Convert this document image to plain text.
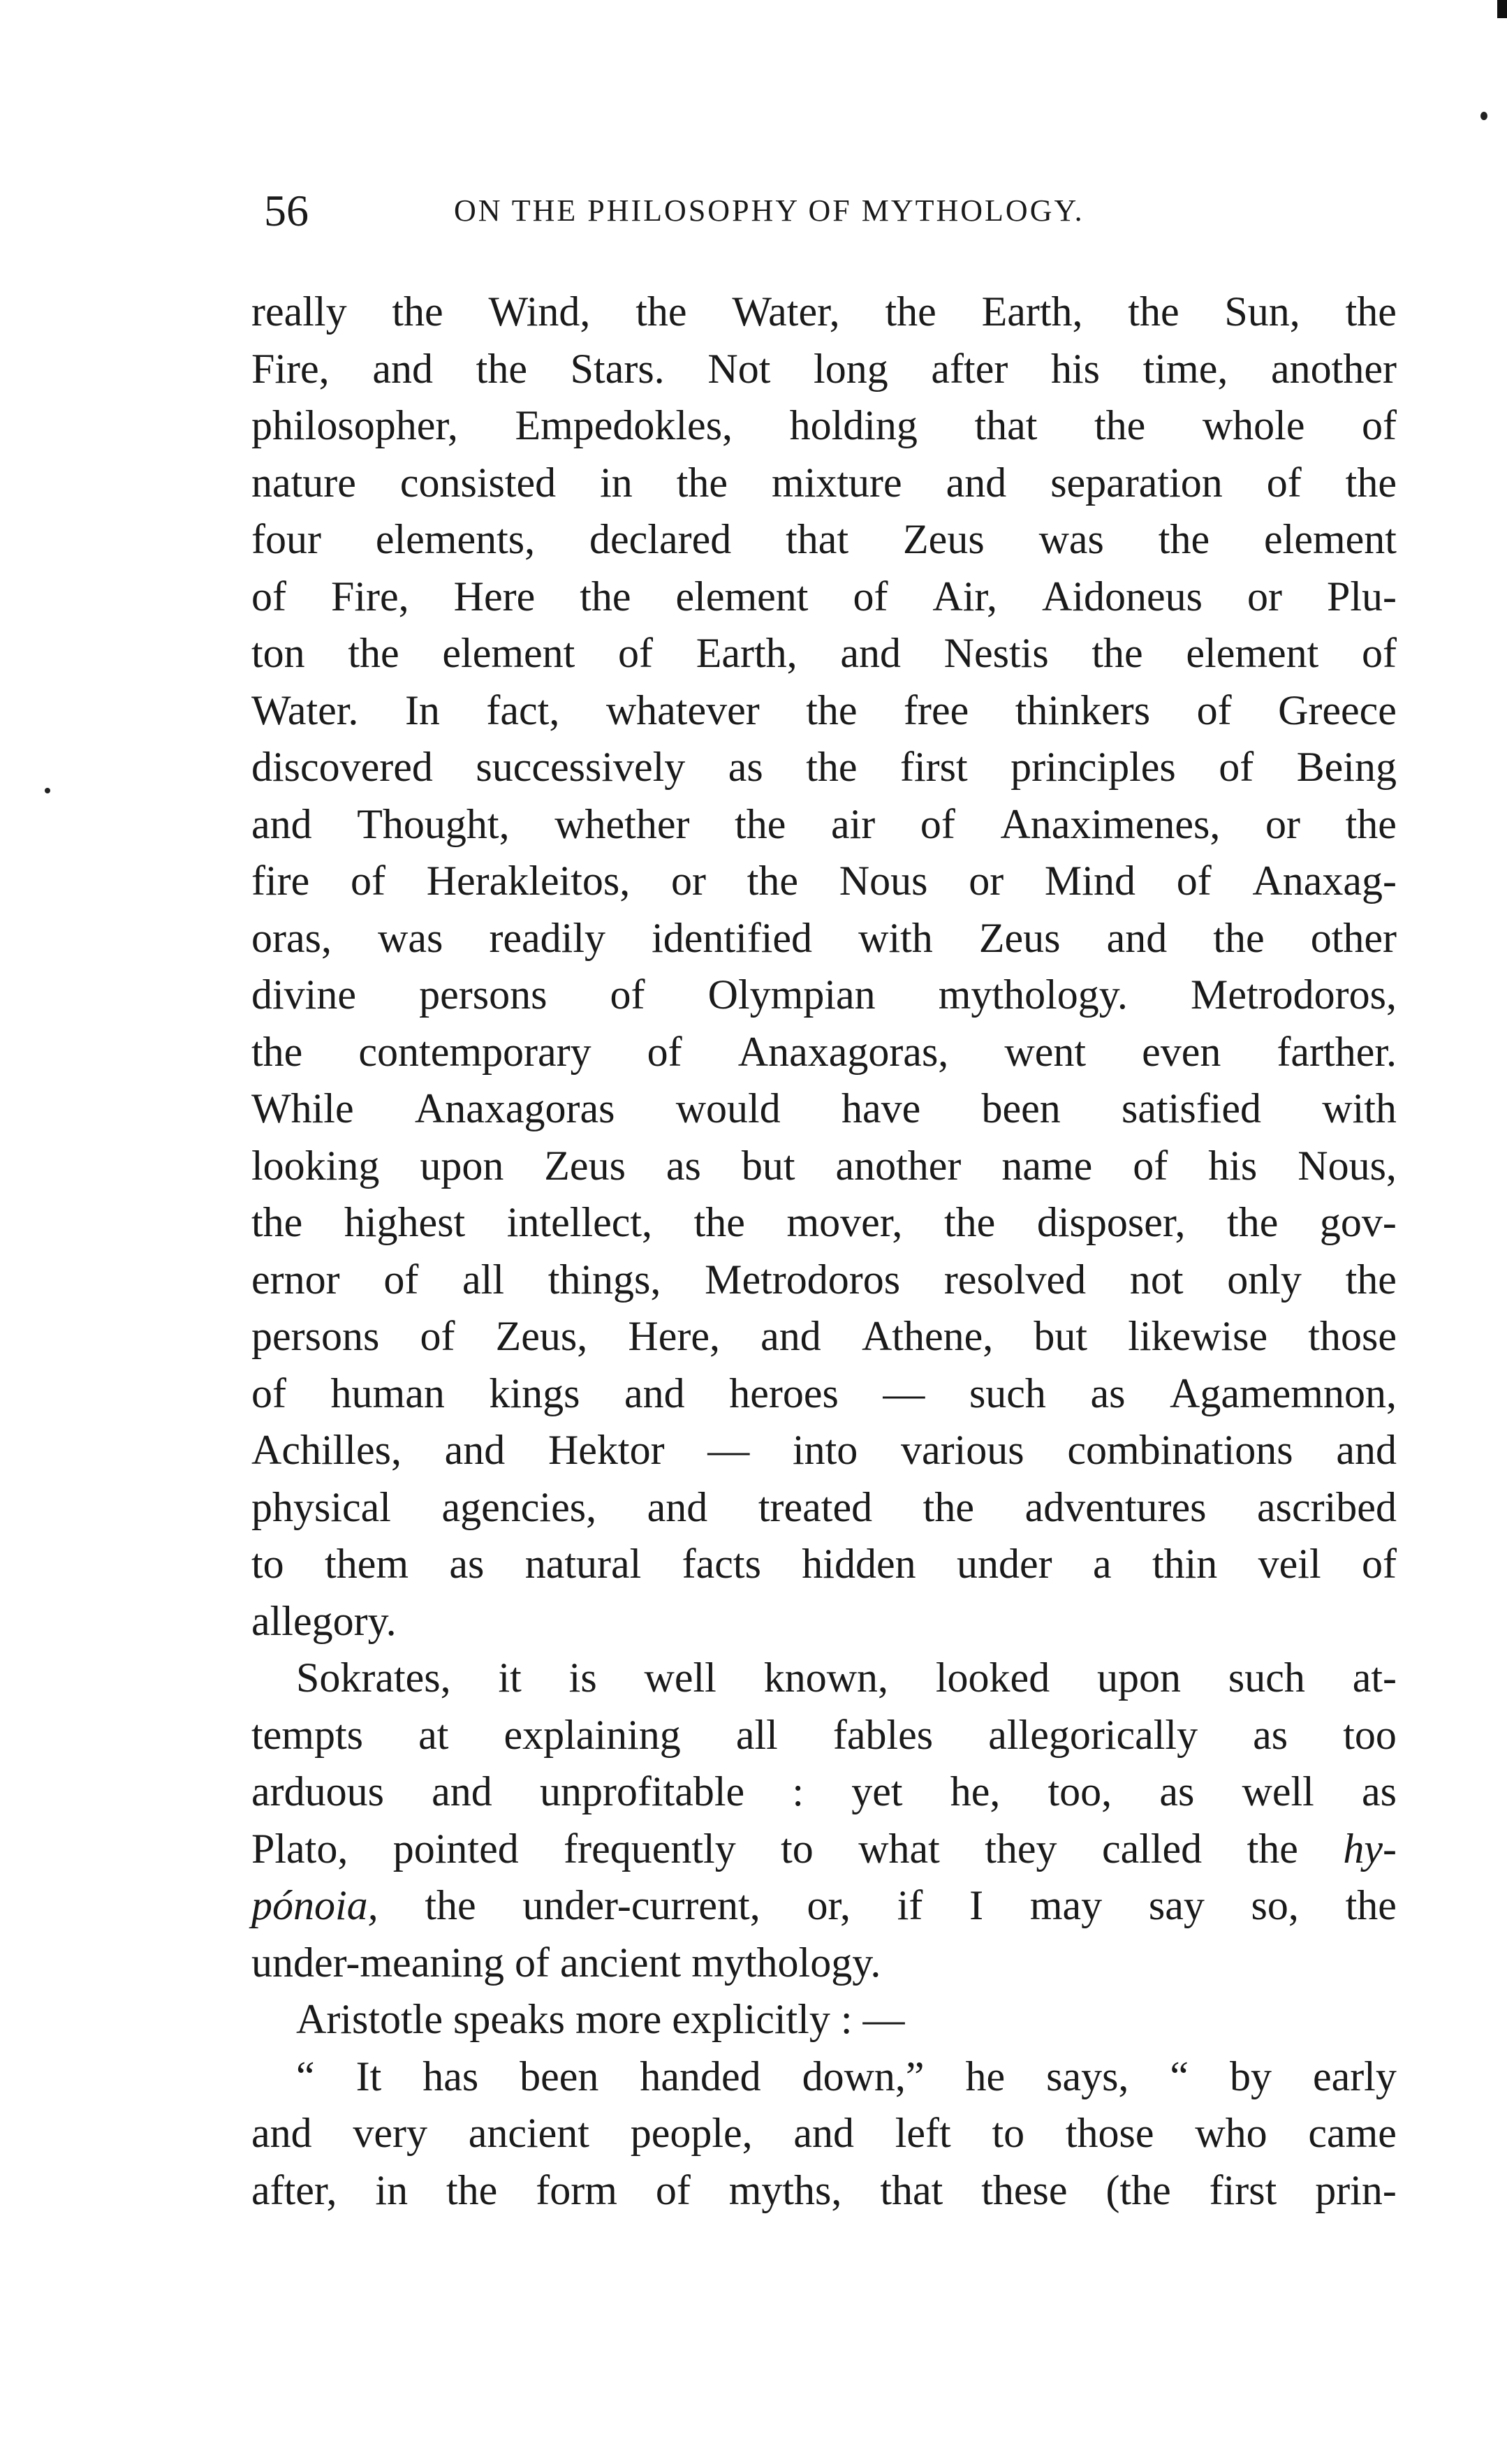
56	ON THE PHILOSOPHY OF MYTHOLOGY.
really the Wind, the Water, the Earth, the Sun, the
Fire, and the Stars. Not long after his time, another
philosopher, Empedokles, holding that the whole of
nature consisted in the mixture and separation of the
four elements, declared that Zeus was the element
of Fire, Here the element of Air, Aidoneus or Plu-
ton the element of Earth, and Nestis the element of
Water. In fact, whatever the free thinkers of Greece
discovered successively as the first principles of Being
and Thought, whether the air of Anaximenes, or the
fire of Herakleitos, or the Nous or Mind of Anaxag-
oras, was readily identified with Zeus and the other
divine persons of Olympian mythology. Metrodoros,
the contemporary of Anaxagoras, went even farther.
While Anaxagoras would have been satisfied with
looking upon Zeus as but another name of his Nous,
the highest intellect, the mover, the disposer, the gov-
ernor of all things, Metrodoros resolved not only the
persons of Zeus, Here, and Athene, but likewise those
of human kings and heroes — such as Agamemnon,
Achilles, and Hektor — into various combinations and
physical agencies, and treated the adventures ascribed
to them as natural facts hidden under a thin veil of
allegory.
Sokrates, it is well known, looked upon such at-
tempts at explaining all fables allegorically as too
arduous and unprofitable : yet he, too, as well as
Plato, pointed frequently to what they called the hy-
pónoia, the under-current, or, if I may say so, the
under-meaning of ancient mythology.
Aristotle speaks more explicitly : —
“ It has been handed down,” he says, “ by early
and very ancient people, and left to those who came
after, in the form of myths, that these (the first prin-
